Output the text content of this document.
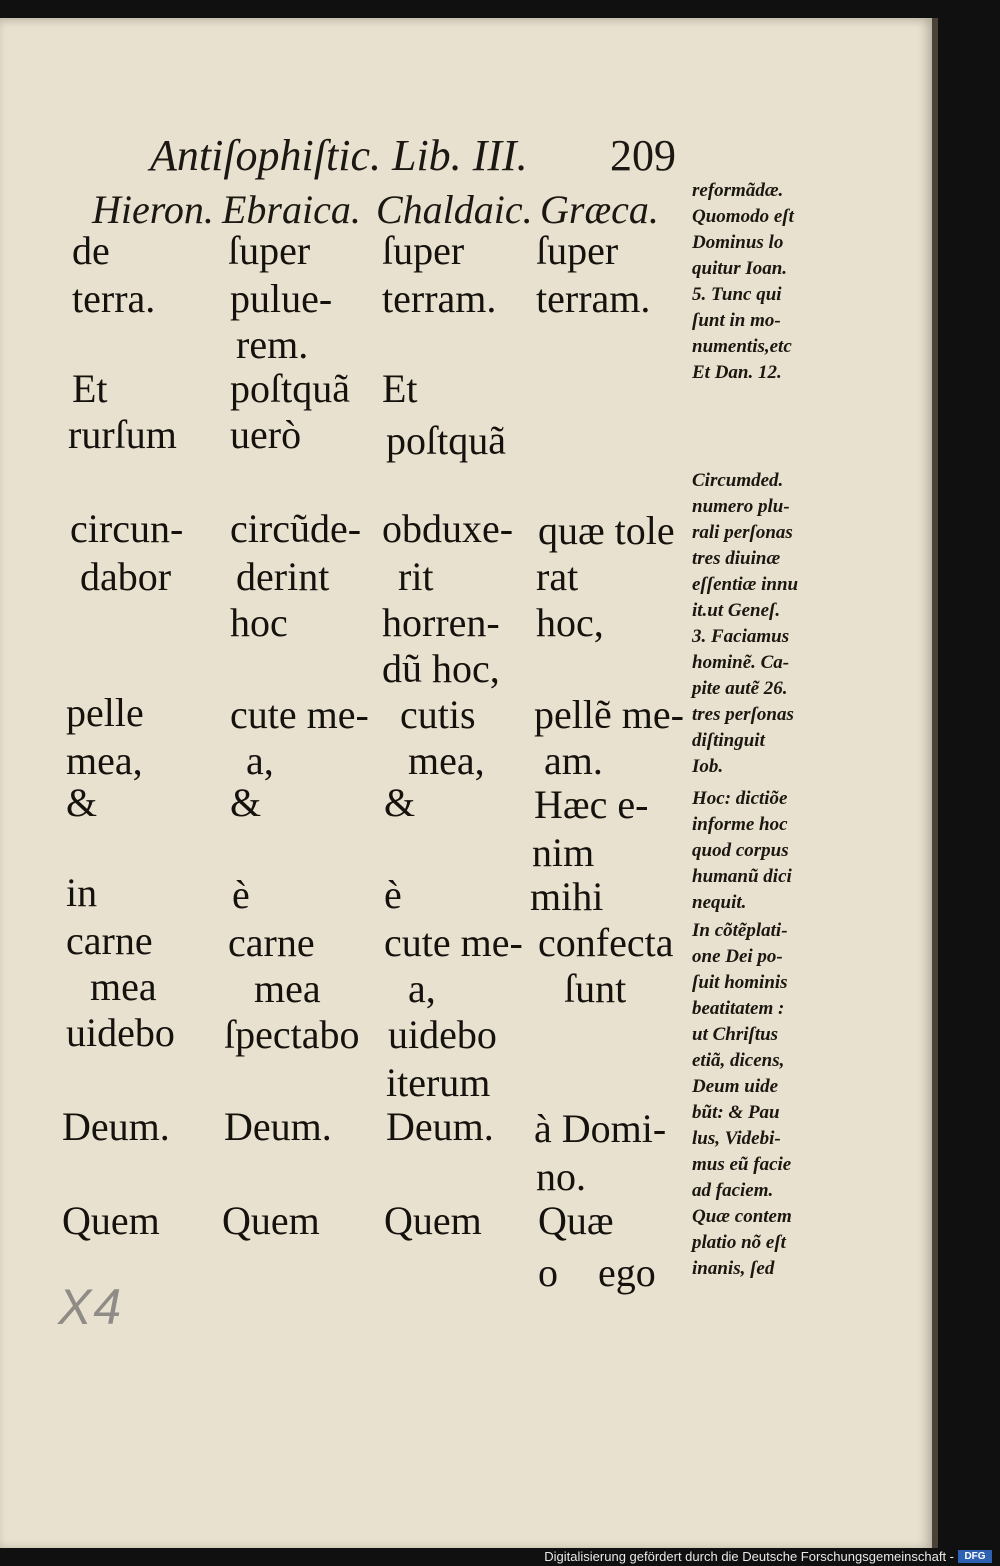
Antiſophiſtic. Lib. III. 209
Hieron. Ebraica. Chaldaic. Græca.
de
terra.
Et
rurſum
circun-
dabor
pelle
mea,
&
in
carne
mea
uidebo
Deum.
Quem
ſuper
pulue-
rem.
poſtquã
uerò
circũde-
derint
hoc
cute me-
a,
&
è
carne
mea
ſpectabo
Deum.
Quem
ſuper
terram.
Et
poſtquã
obduxe-
rit
horren-
dũ hoc,
cutis
mea,
&
è
cute me-
a,
uidebo
iterum
Deum.
Quem
ſuper
terram.
quæ tole
rat
hoc,
pellẽ me-
am.
Hæc e-
nim
mihi
confecta
ſunt
à Domi-
no.
Quæ
o    ego
reformãdæ.
Quomodo eſt
Dominus lo
quitur Ioan.
5. Tunc qui
ſunt in mo-
numentis,etc
Et Dan. 12.
Circumded.
numero plu-
rali perſonas
tres diuinæ
eſſentiæ innu
it.ut Geneſ.
3. Faciamus
hominẽ. Ca-
pite autẽ 26.
tres perſonas
diſtinguit
Iob.
Hoc: dictiõe
informe hoc
quod corpus
humanũ dici
nequit.
In cõtẽplati-
one Dei po-
ſuit hominis
beatitatem :
ut Chriſtus
etiã, dicens,
Deum uide
bũt: & Pau
lus, Videbi-
mus eũ facie
ad faciem.
Quæ contem
platio nõ eſt
inanis, ſed
X4
Digitalisierung gefördert durch die Deutsche Forschungsgemeinschaft -	DFG
